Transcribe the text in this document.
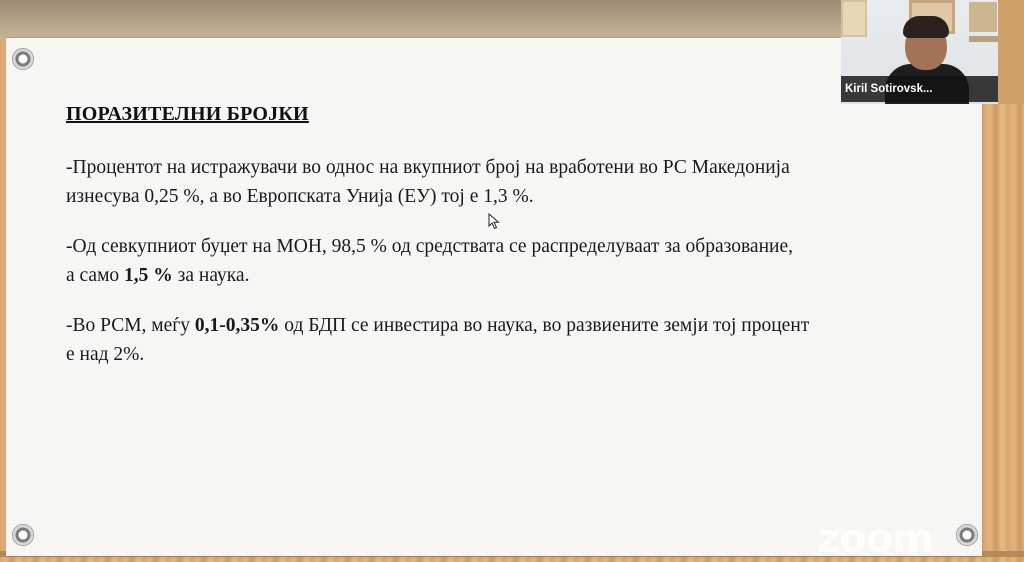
ПОРАЗИТЕЛНИ БРОЈКИ
-Процентот на истражувачи во однос на вкупниот број на вработени во РС Македонија
изнесува 0,25 %, а во Европската Унија (ЕУ) тој е 1,3 %.
-Од севкупниот буџет на МОН, 98,5 % од средствата се распределуваат за образование,
а само 1,5 % за наука.
-Во РСМ, меѓу 0,1-0,35% од БДП се инвестира во наука, во развиените земји тој процент
е над 2%.
Kiril Sotirovsk...
zoom
